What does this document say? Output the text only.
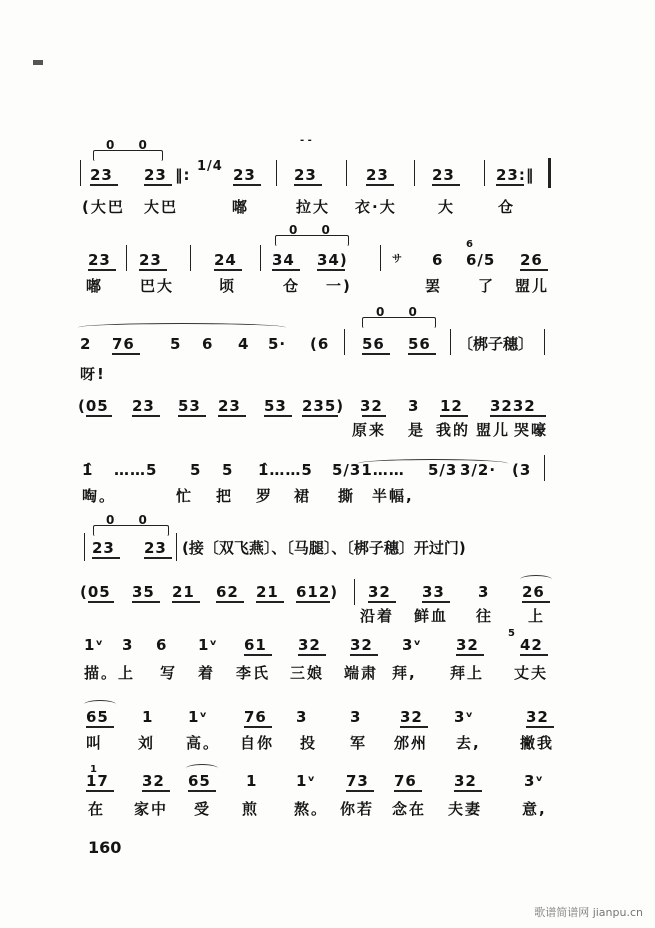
0 0	- -
23 23 ‖: 1/4 23	23	23	23	23:‖
(大巴 大巴	嘟	拉大 衣·大	大	仓
0 0
23 23	24 34 34)	サ 6
6
6/5 26
嘟 巴大	顷	仓 一)	罢 了 盟儿
0 0
2 76 5 6 4 5· (6 56 56 〔梆子穗〕
呀!
(05 23 53 23 53 235) 32 3 12 3232
原来 是 我的 盟儿 哭嚎
1̂ ……5 5 5 1̂……5 5/31…… 5/3 3/2· (3
啕。	忙 把 罗 裙 撕 半幅,
0 0
23 23 (接〔双飞燕〕、〔马腿〕、〔梆子穗〕开过门)
(05 35 21 62 21 612) 32 33 3 26
沿着 鲜血 往 上
1ᵛ 3 6 1ᵛ 61 32 32 3ᵛ 32
5
42
描。上 写 着 李氏 三娘 端肃 拜, 拜上 丈夫
65 1 1ᵛ 76 3	3	32 3ᵛ	32
叫 刘 高。 自你 投 军 邠州 去,	撇我
1
17 32 65 1	1ᵛ 73 76 32	3ᵛ
在 家中 受 煎 熬。 你若 念在 夫妻	意,
160
歌谱简谱网 jianpu.cn
